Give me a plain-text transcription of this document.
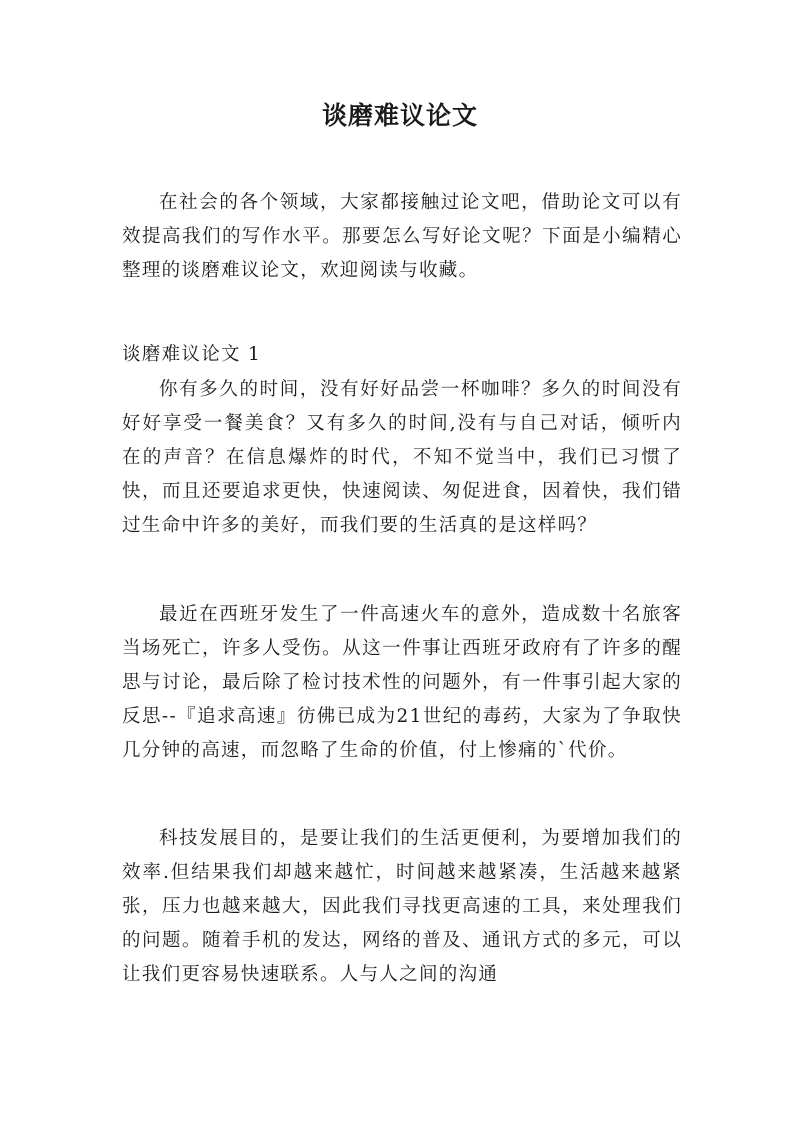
谈磨难议论文

在社会的各个领域，大家都接触过论文吧，借助论文可以有效提高我们的写作水平。那要怎么写好论文呢？下面是小编精心整理的谈磨难议论文，欢迎阅读与收藏。

谈磨难议论文 1

你有多久的时间，没有好好品尝一杯咖啡？多久的时间没有好好享受一餐美食？又有多久的时间,没有与自己对话，倾听内在的声音？在信息爆炸的时代，不知不觉当中，我们已习惯了快，而且还要追求更快，快速阅读、匆促进食，因着快，我们错过生命中许多的美好，而我们要的生活真的是这样吗？

最近在西班牙发生了一件高速火车的意外，造成数十名旅客当场死亡，许多人受伤。从这一件事让西班牙政府有了许多的醒思与讨论，最后除了检讨技术性的问题外，有一件事引起大家的反思--『追求高速』彷佛已成为21世纪的毒药，大家为了争取快几分钟的高速，而忽略了生命的价值，付上惨痛的`代价。

科技发展目的，是要让我们的生活更便利，为要增加我们的效率.但结果我们却越来越忙，时间越来越紧凑，生活越来越紧张，压力也越来越大，因此我们寻找更高速的工具，来处理我们的问题。随着手机的发达，网络的普及、通讯方式的多元，可以让我们更容易快速联系。人与人之间的沟通
